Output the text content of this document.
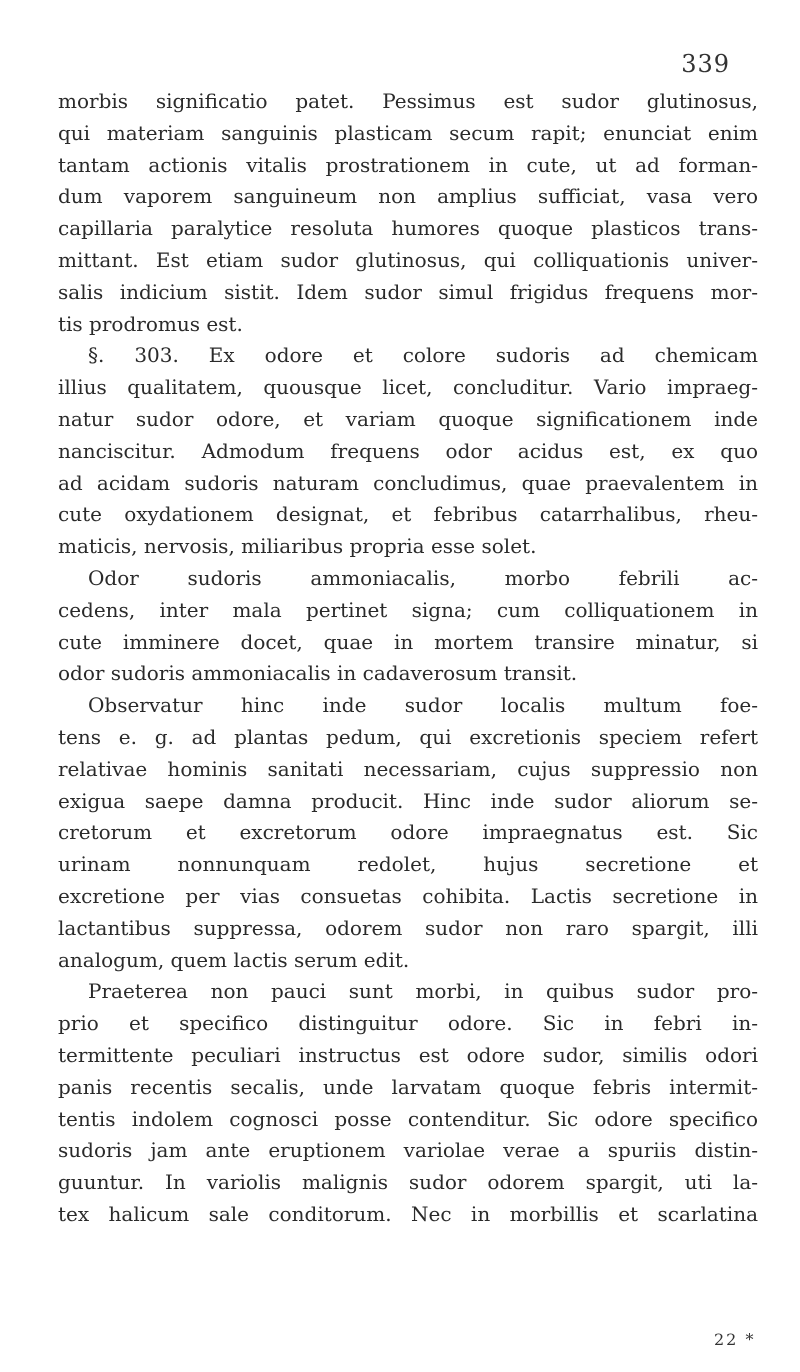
339
morbis significatio patet. Pessimus est sudor glutinosus,
qui materiam sanguinis plasticam secum rapit; enunciat enim
tantam actionis vitalis prostrationem in cute, ut ad forman-
dum vaporem sanguineum non amplius sufficiat, vasa vero
capillaria paralytice resoluta humores quoque plasticos trans-
mittant. Est etiam sudor glutinosus, qui colliquationis univer-
salis indicium sistit. Idem sudor simul frigidus frequens mor-
tis prodromus est.
§. 303. Ex odore et colore sudoris ad chemicam
illius qualitatem, quousque licet, concluditur. Vario impraeg-
natur sudor odore, et variam quoque significationem inde
nanciscitur. Admodum frequens odor acidus est, ex quo
ad acidam sudoris naturam concludimus, quae praevalentem in
cute oxydationem designat, et febribus catarrhalibus, rheu-
maticis, nervosis, miliaribus propria esse solet.
Odor sudoris ammoniacalis, morbo febrili ac-
cedens, inter mala pertinet signa; cum colliquationem in
cute imminere docet, quae in mortem transire minatur, si
odor sudoris ammoniacalis in cadaverosum transit.
Observatur hinc inde sudor localis multum foe-
tens e. g. ad plantas pedum, qui excretionis speciem refert
relativae hominis sanitati necessariam, cujus suppressio non
exigua saepe damna producit. Hinc inde sudor aliorum se-
cretorum et excretorum odore impraegnatus est. Sic
urinam nonnunquam redolet, hujus secretione et
excretione per vias consuetas cohibita. Lactis secretione in
lactantibus suppressa, odorem sudor non raro spargit, illi
analogum, quem lactis serum edit.
Praeterea non pauci sunt morbi, in quibus sudor pro-
prio et specifico distinguitur odore. Sic in febri in-
termittente peculiari instructus est odore sudor, similis odori
panis recentis secalis, unde larvatam quoque febris intermit-
tentis indolem cognosci posse contenditur. Sic odore specifico
sudoris jam ante eruptionem variolae verae a spuriis distin-
guuntur. In variolis malignis sudor odorem spargit, uti la-
tex halicum sale conditorum. Nec in morbillis et scarlatina
22 *
